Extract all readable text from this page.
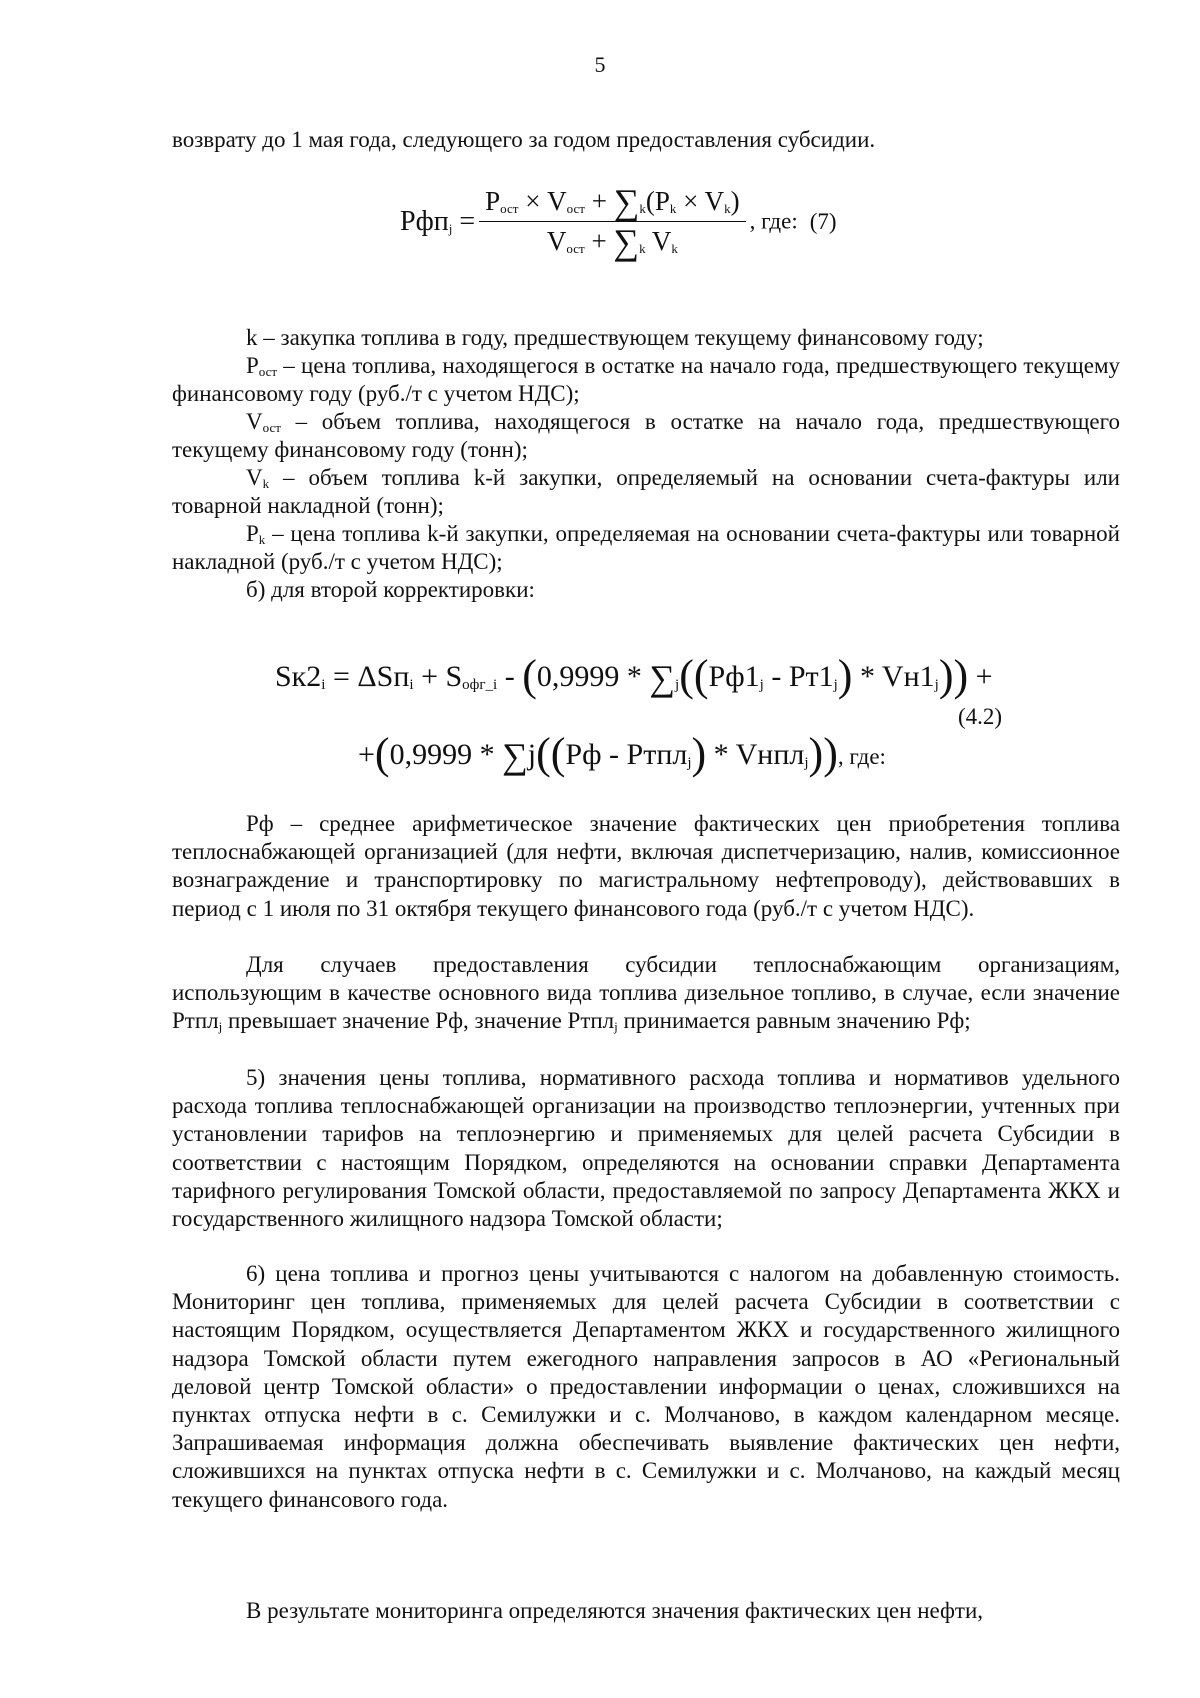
5

возврату до 1 мая года, следующего за годом предоставления субсидии.

$Рфп_j = \frac{P_{ост} \times V_{ост} + \sum_k(P_k \times V_k)}{V_{ост} + \sum_k V_k}$ , где: (7)

k – закупка топлива в году, предшествующем текущему финансовому году;

$P_{ост}$ – цена топлива, находящегося в остатке на начало года, предшествующего текущему финансовому году (руб./т с учетом НДС);

$V_{ост}$ – объем топлива, находящегося в остатке на начало года, предшествующего текущему финансовому году (тонн);

$V_k$ – объем топлива k-й закупки, определяемый на основании счета-фактуры или товарной накладной (тонн);

$P_k$ – цена топлива k-й закупки, определяемая на основании счета-фактуры или товарной накладной (руб./т с учетом НДС);

б) для второй корректировки:

$Sк2_i = \Delta Sп_i + S_{офг\_i} - (0,9999 * \sum_j((Рф1_j - Рт1_j) * Vн1_j))$ +
(4.2)
+(0,9999 * ∑j((Рф - Ртпл$_j$) * Vнпл$_j$)), где:

Рф – среднее арифметическое значение фактических цен приобретения топлива теплоснабжающей организацией (для нефти, включая диспетчеризацию, налив, комиссионное вознаграждение и транспортировку по магистральному нефтепроводу), действовавших в период с 1 июля по 31 октября текущего финансового года (руб./т с учетом НДС).

Для случаев предоставления субсидии теплоснабжающим организациям, использующим в качестве основного вида топлива дизельное топливо, в случае, если значение Ртпл$_j$ превышает значение Рф, значение Ртпл$_j$ принимается равным значению Рф;

5) значения цены топлива, нормативного расхода топлива и нормативов удельного расхода топлива теплоснабжающей организации на производство теплоэнергии, учтенных при установлении тарифов на теплоэнергию и применяемых для целей расчета Субсидии в соответствии с настоящим Порядком, определяются на основании справки Департамента тарифного регулирования Томской области, предоставляемой по запросу Департамента ЖКХ и государственного жилищного надзора Томской области;

6) цена топлива и прогноз цены учитываются с налогом на добавленную стоимость. Мониторинг цен топлива, применяемых для целей расчета Субсидии в соответствии с настоящим Порядком, осуществляется Департаментом ЖКХ и государственного жилищного надзора Томской области путем ежегодного направления запросов в АО «Региональный деловой центр Томской области» о предоставлении информации о ценах, сложившихся на пунктах отпуска нефти в с. Семилужки и с. Молчаново, в каждом календарном месяце. Запрашиваемая информация должна обеспечивать выявление фактических цен нефти, сложившихся на пунктах отпуска нефти в с. Семилужки и с. Молчаново, на каждый месяц текущего финансового года.

В результате мониторинга определяются значения фактических цен нефти,
